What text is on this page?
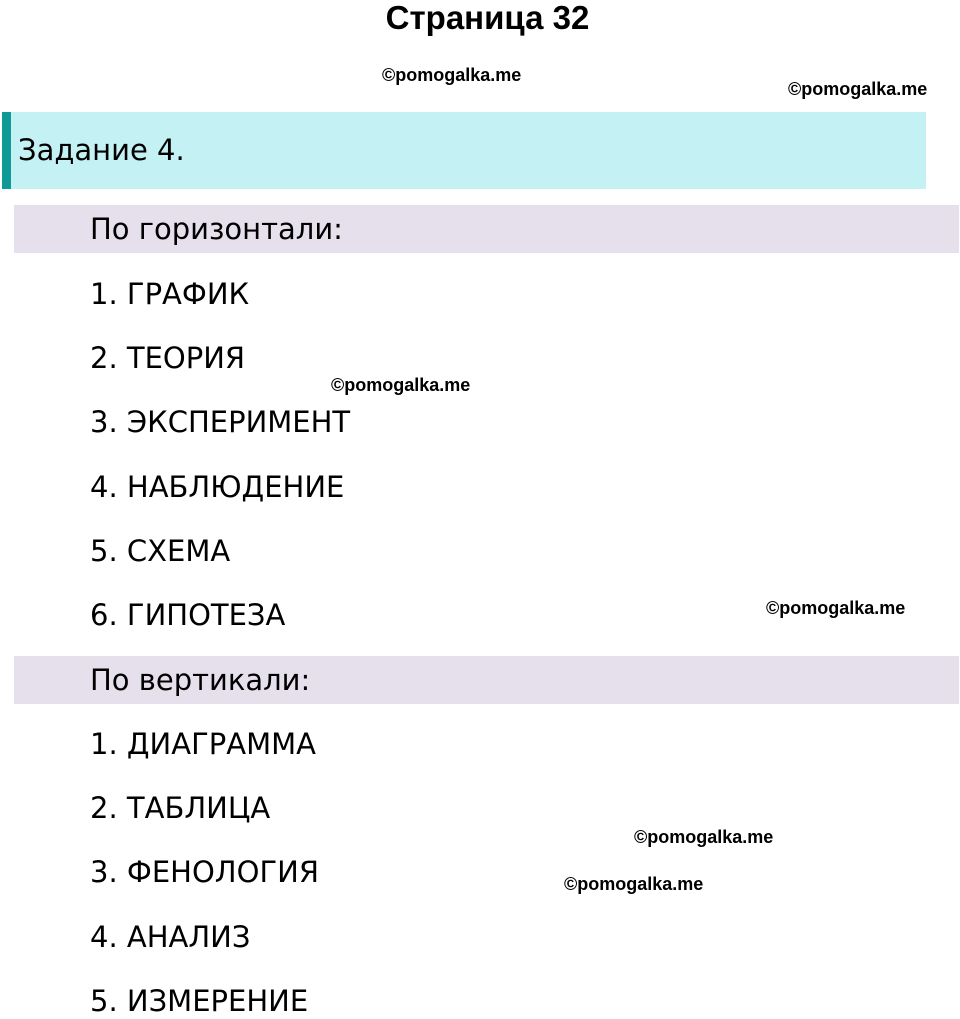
Страница 32
©pomogalka.me
©pomogalka.me
Задание 4.
По горизонтали:
1. ГРАФИК
2. ТЕОРИЯ
©pomogalka.me
3. ЭКСПЕРИМЕНТ
4. НАБЛЮДЕНИЕ
5. СХЕМА
6. ГИПОТЕЗА	©pomogalka.me
По вертикали:
1. ДИАГРАММА
2. ТАБЛИЦА
©pomogalka.me
3. ФЕНОЛОГИЯ	©pomogalka.me
4. АНАЛИЗ
5. ИЗМЕРЕНИЕ
